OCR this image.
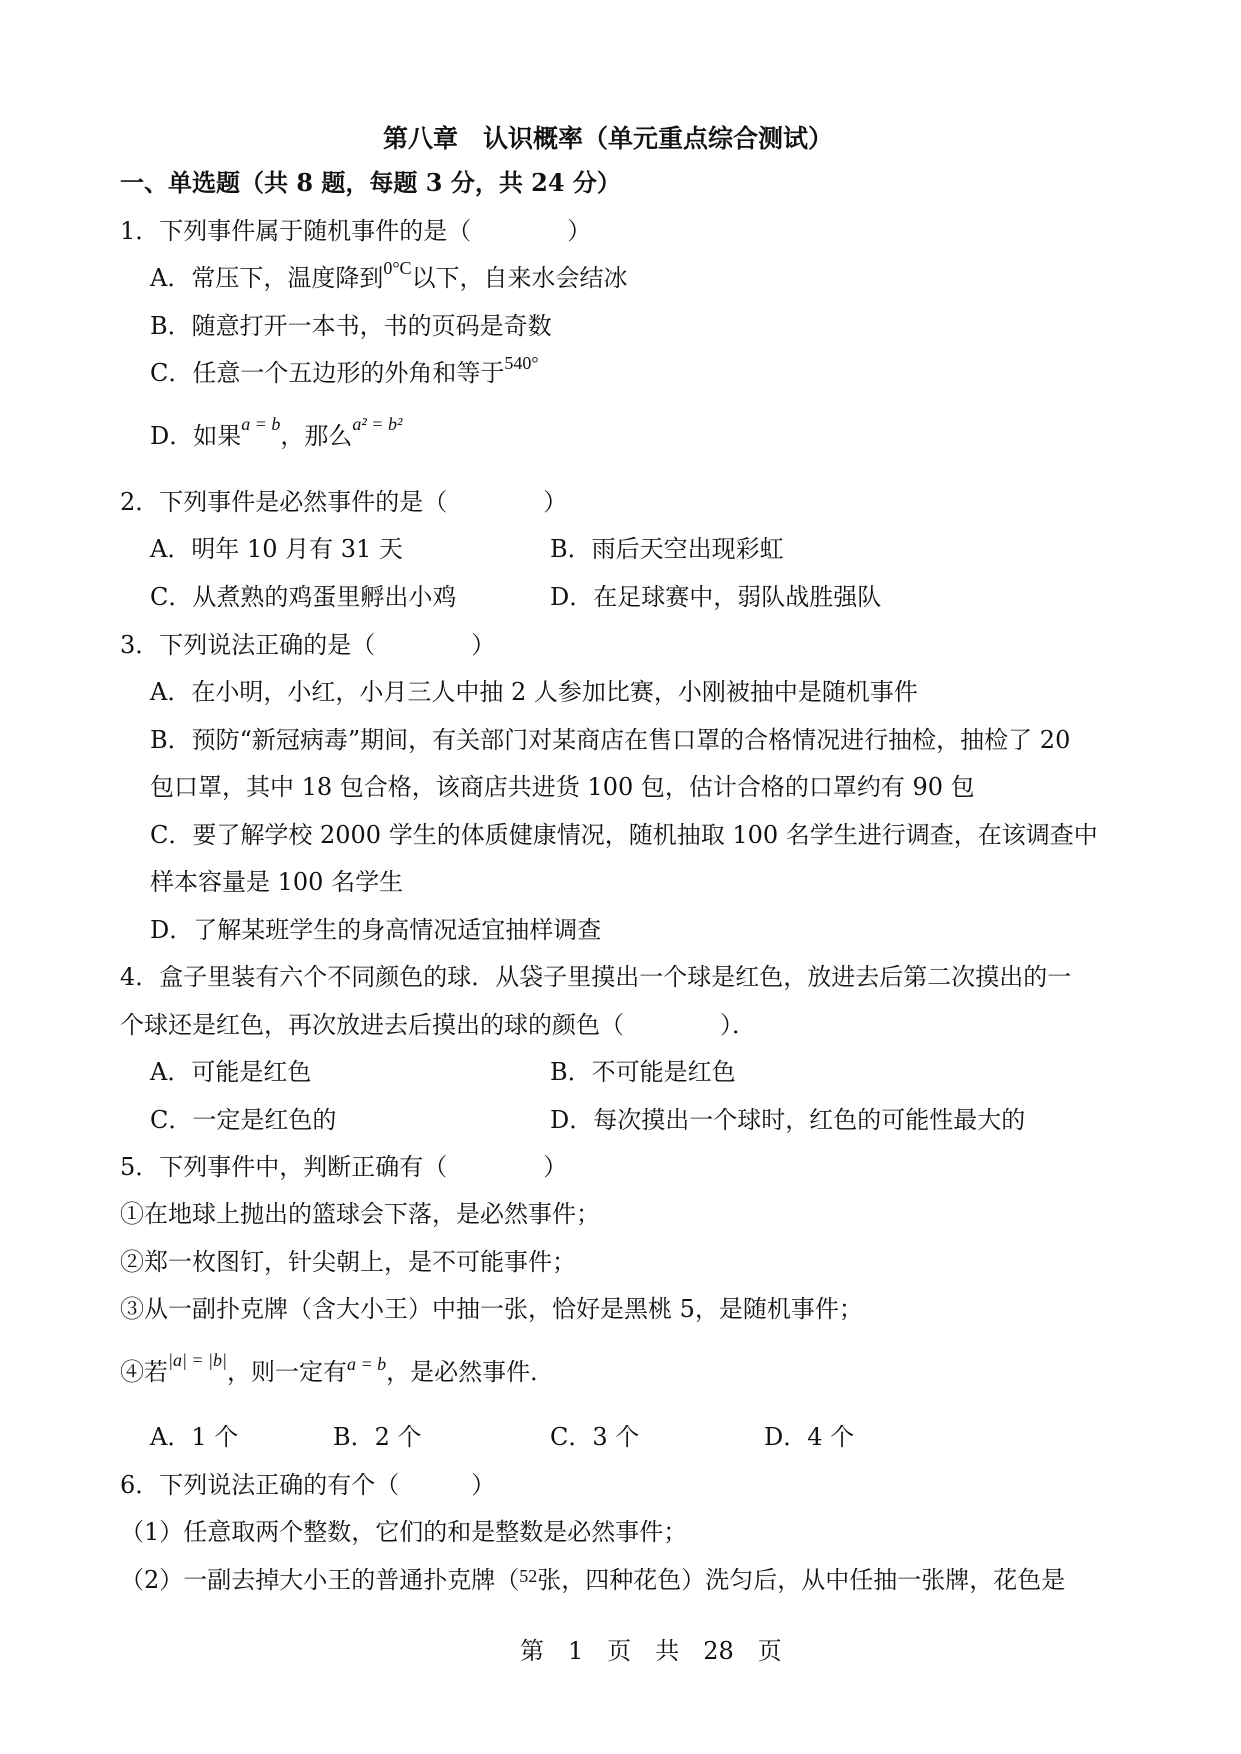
第八章　认识概率（单元重点综合测试）
一、单选题（共 8 题，每题 3 分，共 24 分）
1．下列事件属于随机事件的是（　　　　）
A．常压下，温度降到$^{0^\circ C}$以下，自来水会结冰
B．随意打开一本书，书的页码是奇数
C．任意一个五边形的外角和等于$^{540^\circ}$
D．如果$^{a = b}$，那么$^{a^2 = b^2}$
2．下列事件是必然事件的是（　　　　）
A．明年 10 月有 31 天	B．雨后天空出现彩虹
C．从煮熟的鸡蛋里孵出小鸡	D．在足球赛中，弱队战胜强队
3．下列说法正确的是（　　　　）
A．在小明，小红，小月三人中抽 2 人参加比赛，小刚被抽中是随机事件
B．预防“新冠病毒”期间，有关部门对某商店在售口罩的合格情况进行抽检，抽检了 20
包口罩，其中 18 包合格，该商店共进货 100 包，估计合格的口罩约有 90 包
C．要了解学校 2000 学生的体质健康情况，随机抽取 100 名学生进行调查，在该调查中
样本容量是 100 名学生
D．了解某班学生的身高情况适宜抽样调查
4．盒子里装有六个不同颜色的球．从袋子里摸出一个球是红色，放进去后第二次摸出的一
个球还是红色，再次放进去后摸出的球的颜色（　　　　）．
A．可能是红色	B．不可能是红色
C．一定是红色的	D．每次摸出一个球时，红色的可能性最大的
5．下列事件中，判断正确有（　　　　）
①在地球上抛出的篮球会下落，是必然事件；
②郑一枚图钉，针尖朝上，是不可能事件；
③从一副扑克牌（含大小王）中抽一张，恰好是黑桃 5，是随机事件；
④若$^{|a| = |b|}$，则一定有$^{a = b}$，是必然事件．
A．1 个	B．2 个	C．3 个	D．4 个
6．下列说法正确的有个（　　　）
（1）任意取两个整数，它们的和是整数是必然事件；
（2）一副去掉大小王的普通扑克牌（$^{52}$张，四种花色）洗匀后，从中任抽一张牌，花色是
第　1　页　共　28　页
